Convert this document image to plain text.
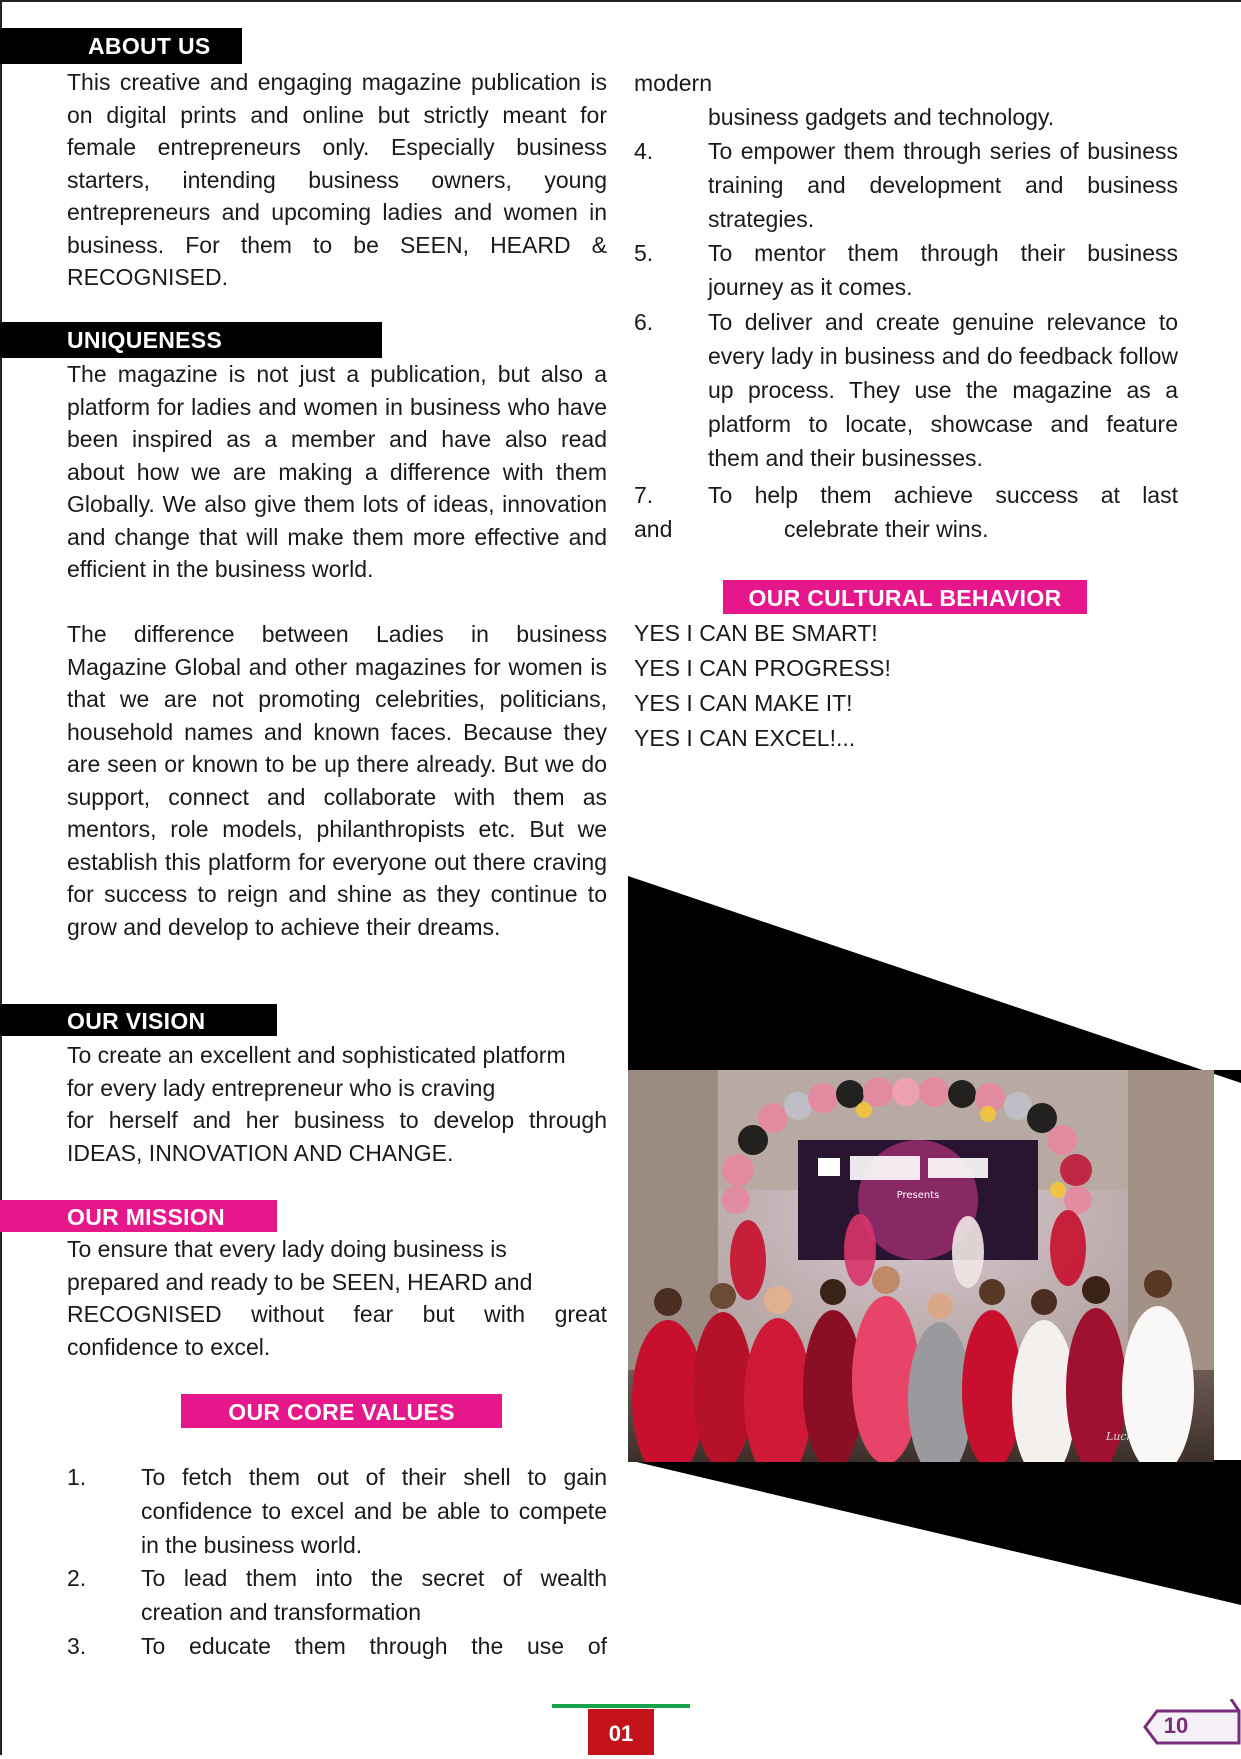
ABOUT US
This creative and engaging magazine publication is on digital prints and online but strictly meant for female entrepreneurs only. Especially business starters, intending business owners, young entrepreneurs and upcoming ladies and women in business. For them to be SEEN, HEARD & RECOGNISED.
UNIQUENESS
The magazine is not just a publication, but also a platform for ladies and women in business who have been inspired as a member and have also read about how we are making a difference with them Globally. We also give them lots of ideas, innovation and change that will make them more effective and efficient in the business world.
The difference between Ladies in business Magazine Global and other magazines for women is that we are not promoting celebrities, politicians, household names and known faces. Because they are seen or known to be up there already. But we do support, connect and collaborate with them as mentors, role models, philanthropists etc. But we establish this platform for everyone out there craving for success to reign and shine as they continue to grow and develop to achieve their dreams.
OUR VISION
To create an excellent and sophisticated platform
for every lady entrepreneur who is craving
for herself and her business to develop through IDEAS, INNOVATION AND CHANGE.
OUR MISSION
To ensure that every lady doing business is
prepared and ready to be SEEN, HEARD and
RECOGNISED without fear but with great confidence to excel.
OUR CORE VALUES
1.	To fetch them out of their shell to gain confidence to excel and be able to compete in the business world.
2.	To lead them into the secret of wealth creation and transformation
3.	To educate them through the use of
modern
business gadgets and technology.
4.	To empower them through series of business training and development and business strategies.
5.	To mentor them through their business journey as it comes.
6.	To deliver and create genuine relevance to every lady in business and do feedback follow up process. They use the magazine as a platform to locate, showcase and feature them and their businesses.
7.	To help them achieve success at last
and	celebrate their wins.
OUR CULTURAL BEHAVIOR
YES I CAN BE SMART!
YES I CAN PROGRESS!
YES I CAN MAKE IT!
YES I CAN EXCEL!...
Presents
Lucky
01	10
